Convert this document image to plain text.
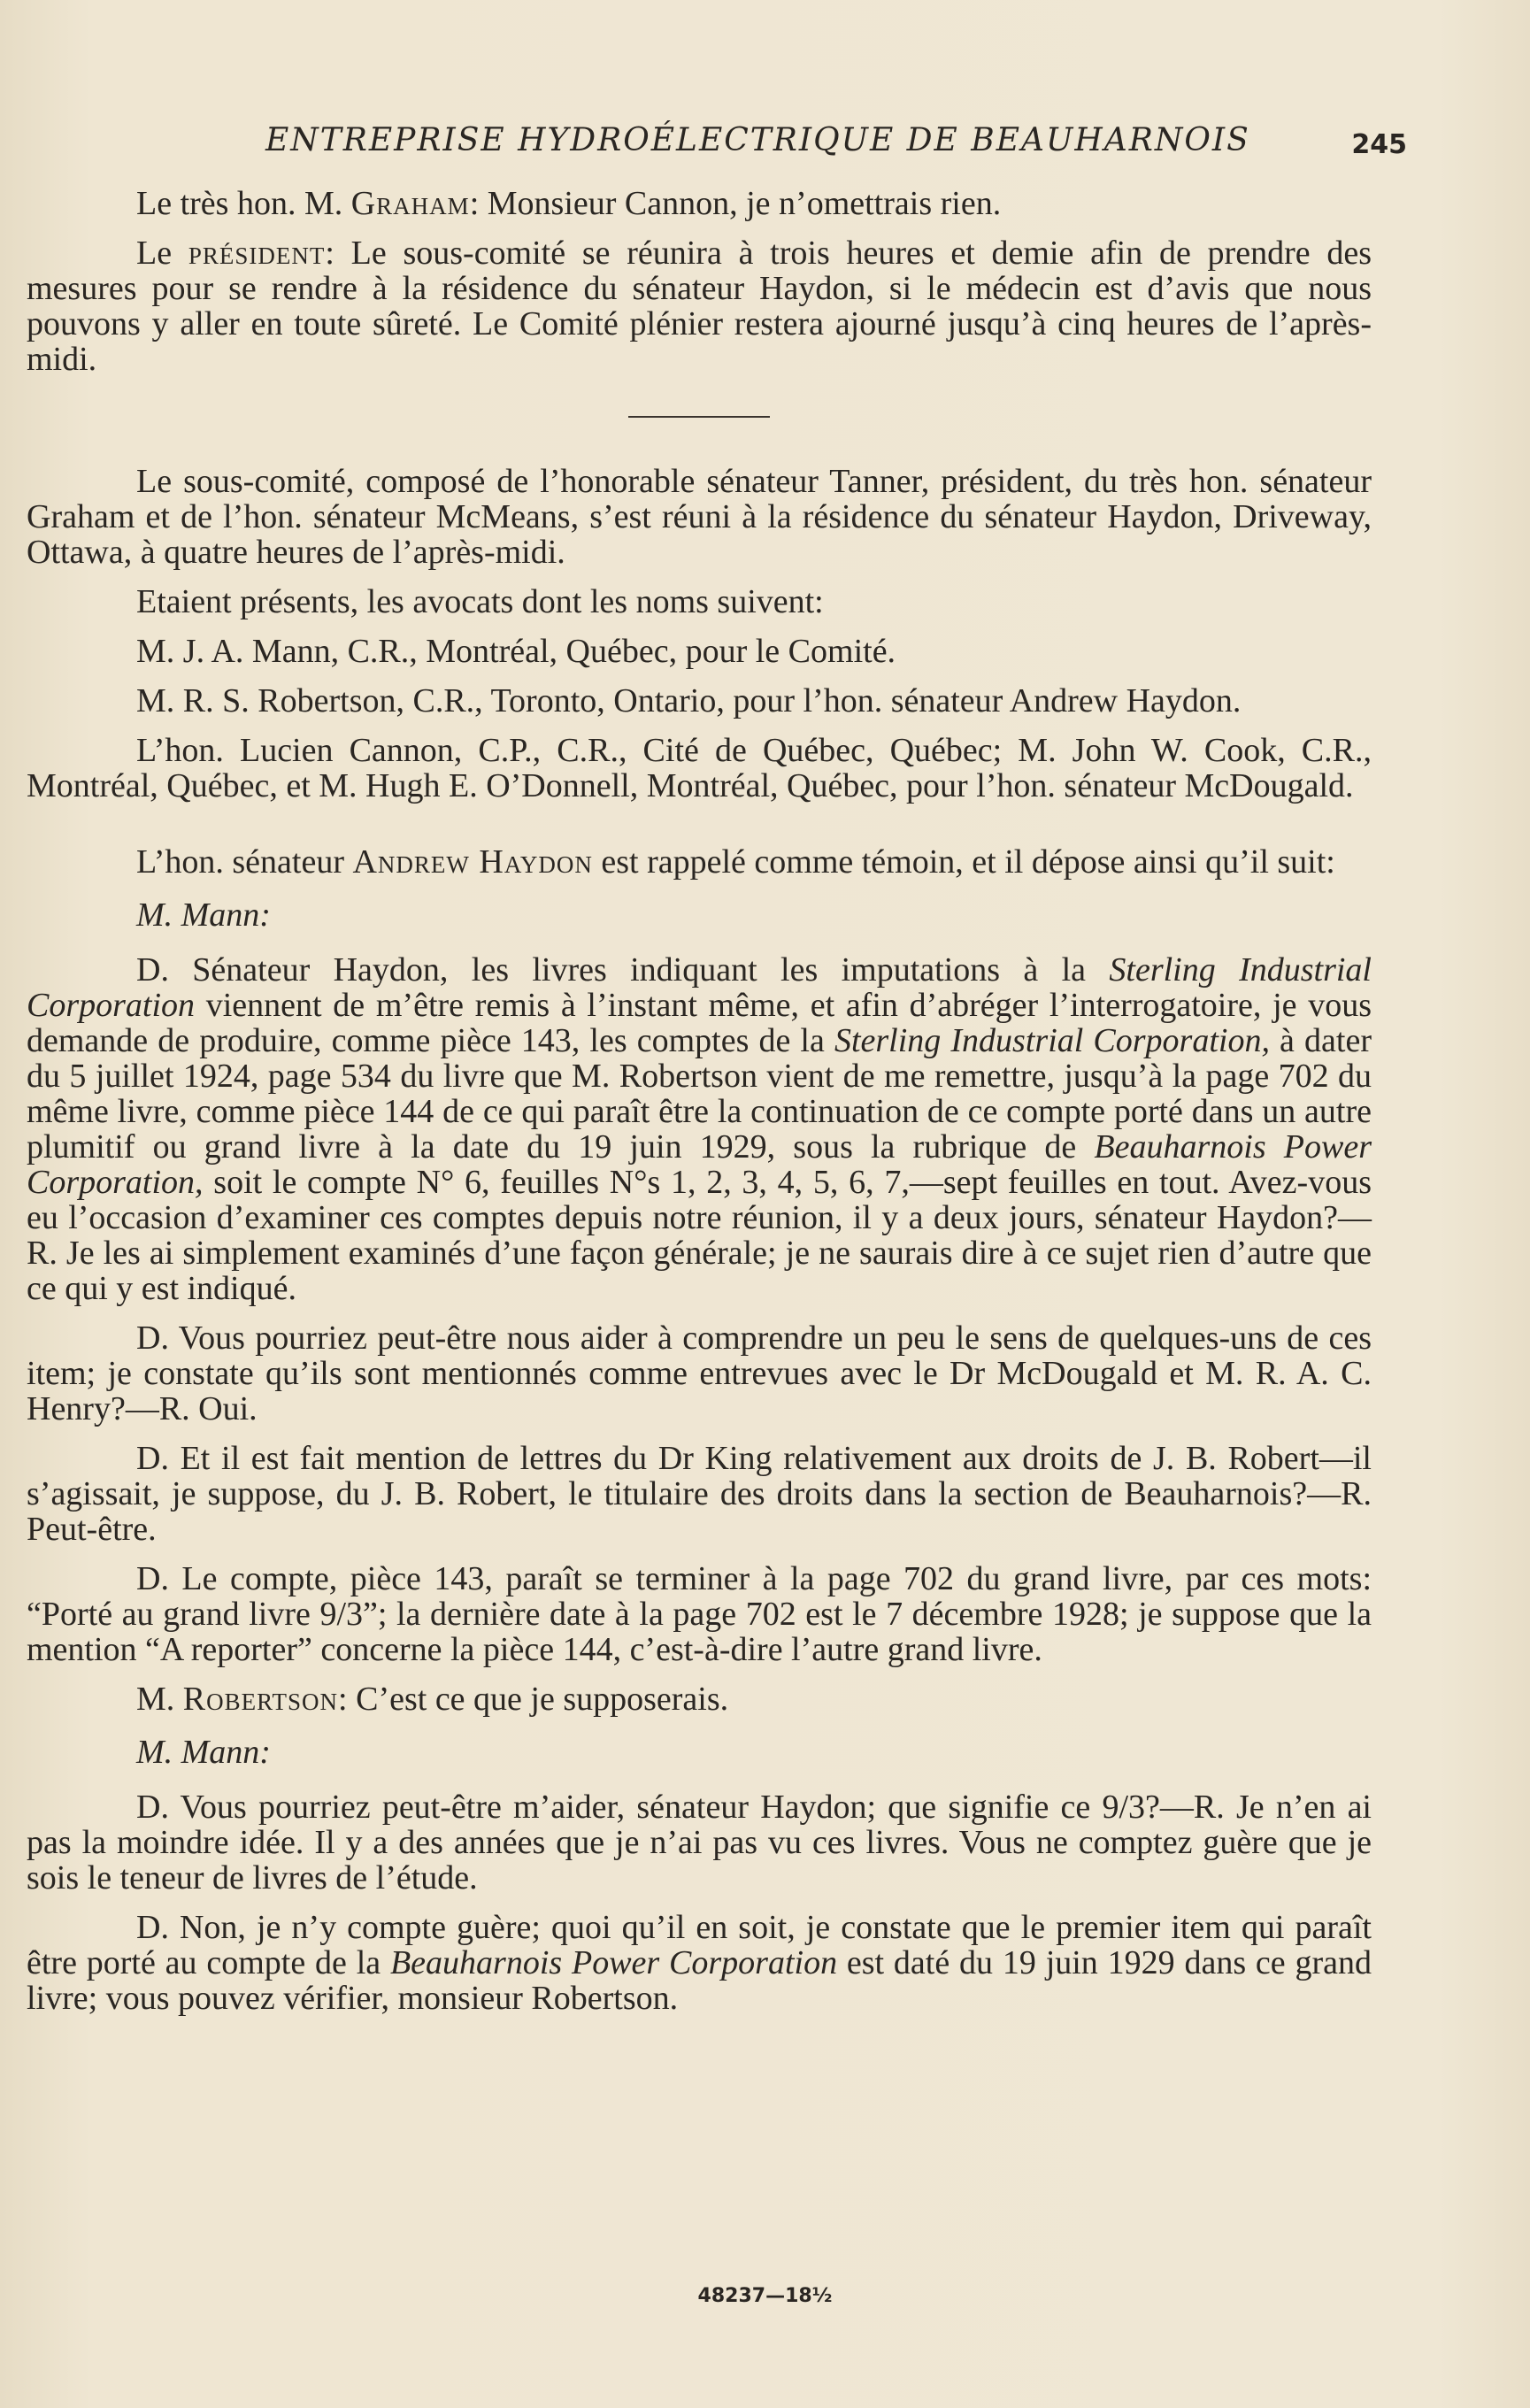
ENTREPRISE HYDROÉLECTRIQUE DE BEAUHARNOIS	245

Le très hon. M. Graham: Monsieur Cannon, je n’omettrais rien.

Le président: Le sous-comité se réunira à trois heures et demie afin de prendre des mesures pour se rendre à la résidence du sénateur Haydon, si le médecin est d’avis que nous pouvons y aller en toute sûreté. Le Comité plénier restera ajourné jusqu’à cinq heures de l’après-midi.

Le sous-comité, composé de l’honorable sénateur Tanner, président, du très hon. sénateur Graham et de l’hon. sénateur McMeans, s’est réuni à la résidence du sénateur Haydon, Driveway, Ottawa, à quatre heures de l’après-midi.

Etaient présents, les avocats dont les noms suivent:

M. J. A. Mann, C.R., Montréal, Québec, pour le Comité.

M. R. S. Robertson, C.R., Toronto, Ontario, pour l’hon. sénateur Andrew Haydon.

L’hon. Lucien Cannon, C.P., C.R., Cité de Québec, Québec; M. John W. Cook, C.R., Montréal, Québec, et M. Hugh E. O’Donnell, Montréal, Québec, pour l’hon. sénateur McDougald.

L’hon. sénateur Andrew Haydon est rappelé comme témoin, et il dépose ainsi qu’il suit:

M. Mann:

D. Sénateur Haydon, les livres indiquant les imputations à la Sterling Industrial Corporation viennent de m’être remis à l’instant même, et afin d’abréger l’interrogatoire, je vous demande de produire, comme pièce 143, les comptes de la Sterling Industrial Corporation, à dater du 5 juillet 1924, page 534 du livre que M. Robertson vient de me remettre, jusqu’à la page 702 du même livre, comme pièce 144 de ce qui paraît être la continuation de ce compte porté dans un autre plumitif ou grand livre à la date du 19 juin 1929, sous la rubrique de Beauharnois Power Corporation, soit le compte N° 6, feuilles N°s 1, 2, 3, 4, 5, 6, 7,—sept feuilles en tout. Avez-vous eu l’occasion d’examiner ces comptes depuis notre réunion, il y a deux jours, sénateur Haydon?—R. Je les ai simplement examinés d’une façon générale; je ne saurais dire à ce sujet rien d’autre que ce qui y est indiqué.

D. Vous pourriez peut-être nous aider à comprendre un peu le sens de quelques-uns de ces item; je constate qu’ils sont mentionnés comme entrevues avec le Dr McDougald et M. R. A. C. Henry?—R. Oui.

D. Et il est fait mention de lettres du Dr King relativement aux droits de J. B. Robert—il s’agissait, je suppose, du J. B. Robert, le titulaire des droits dans la section de Beauharnois?—R. Peut-être.

D. Le compte, pièce 143, paraît se terminer à la page 702 du grand livre, par ces mots: “Porté au grand livre 9/3”; la dernière date à la page 702 est le 7 décembre 1928; je suppose que la mention “A reporter” concerne la pièce 144, c’est-à-dire l’autre grand livre.

M. Robertson: C’est ce que je supposerais.

M. Mann:

D. Vous pourriez peut-être m’aider, sénateur Haydon; que signifie ce 9/3?—R. Je n’en ai pas la moindre idée. Il y a des années que je n’ai pas vu ces livres. Vous ne comptez guère que je sois le teneur de livres de l’étude.

D. Non, je n’y compte guère; quoi qu’il en soit, je constate que le premier item qui paraît être porté au compte de la Beauharnois Power Corporation est daté du 19 juin 1929 dans ce grand livre; vous pouvez vérifier, monsieur Robertson.

48237—18½
